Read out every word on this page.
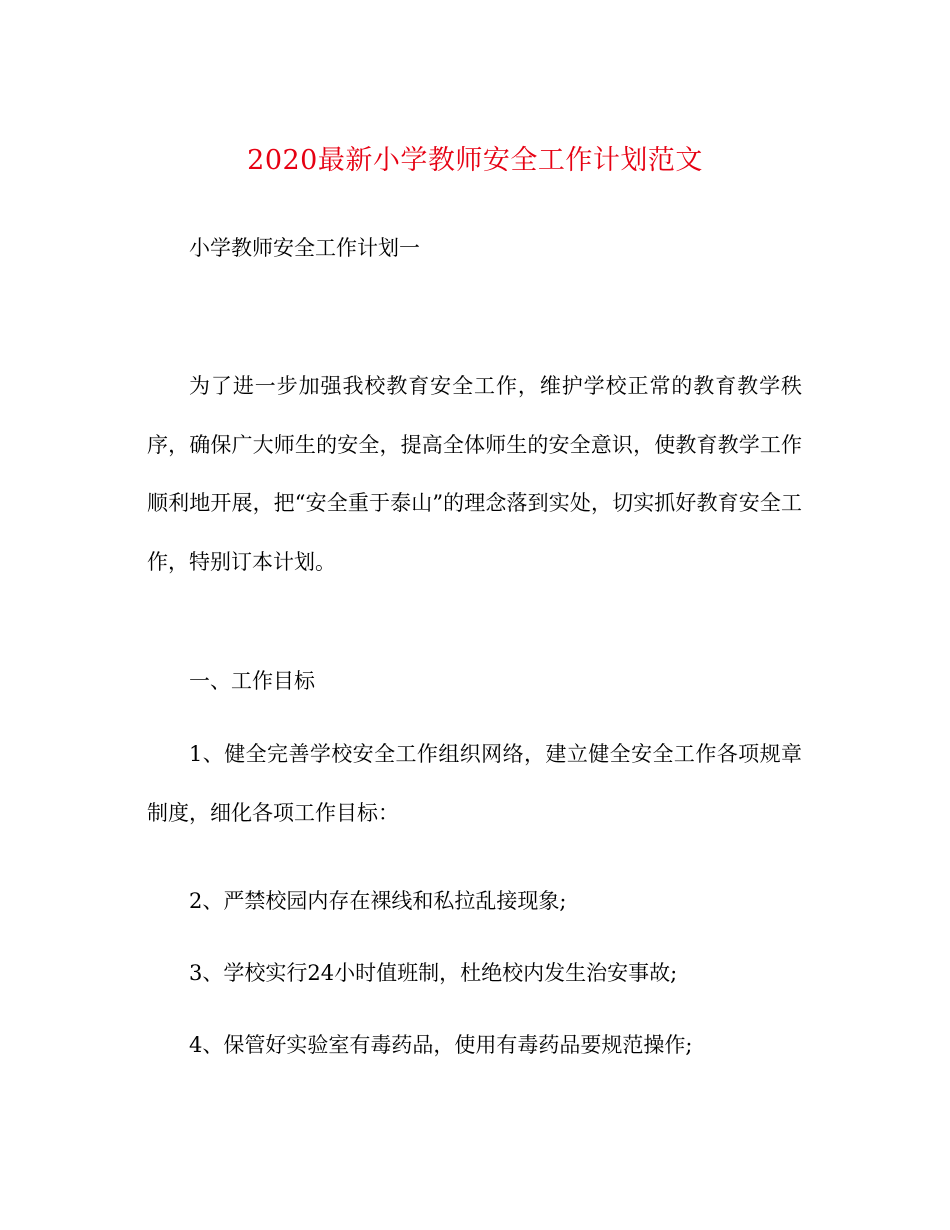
2020最新小学教师安全工作计划范文

小学教师安全工作计划一

为了进一步加强我校教育安全工作，维护学校正常的教育教学秩序，确保广大师生的安全，提高全体师生的安全意识，使教育教学工作顺利地开展，把“安全重于泰山”的理念落到实处，切实抓好教育安全工作，特别订本计划。

一、工作目标

1、健全完善学校安全工作组织网络，建立健全安全工作各项规章制度，细化各项工作目标：

2、严禁校园内存在裸线和私拉乱接现象;

3、学校实行24小时值班制，杜绝校内发生治安事故;

4、保管好实验室有毒药品，使用有毒药品要规范操作;
